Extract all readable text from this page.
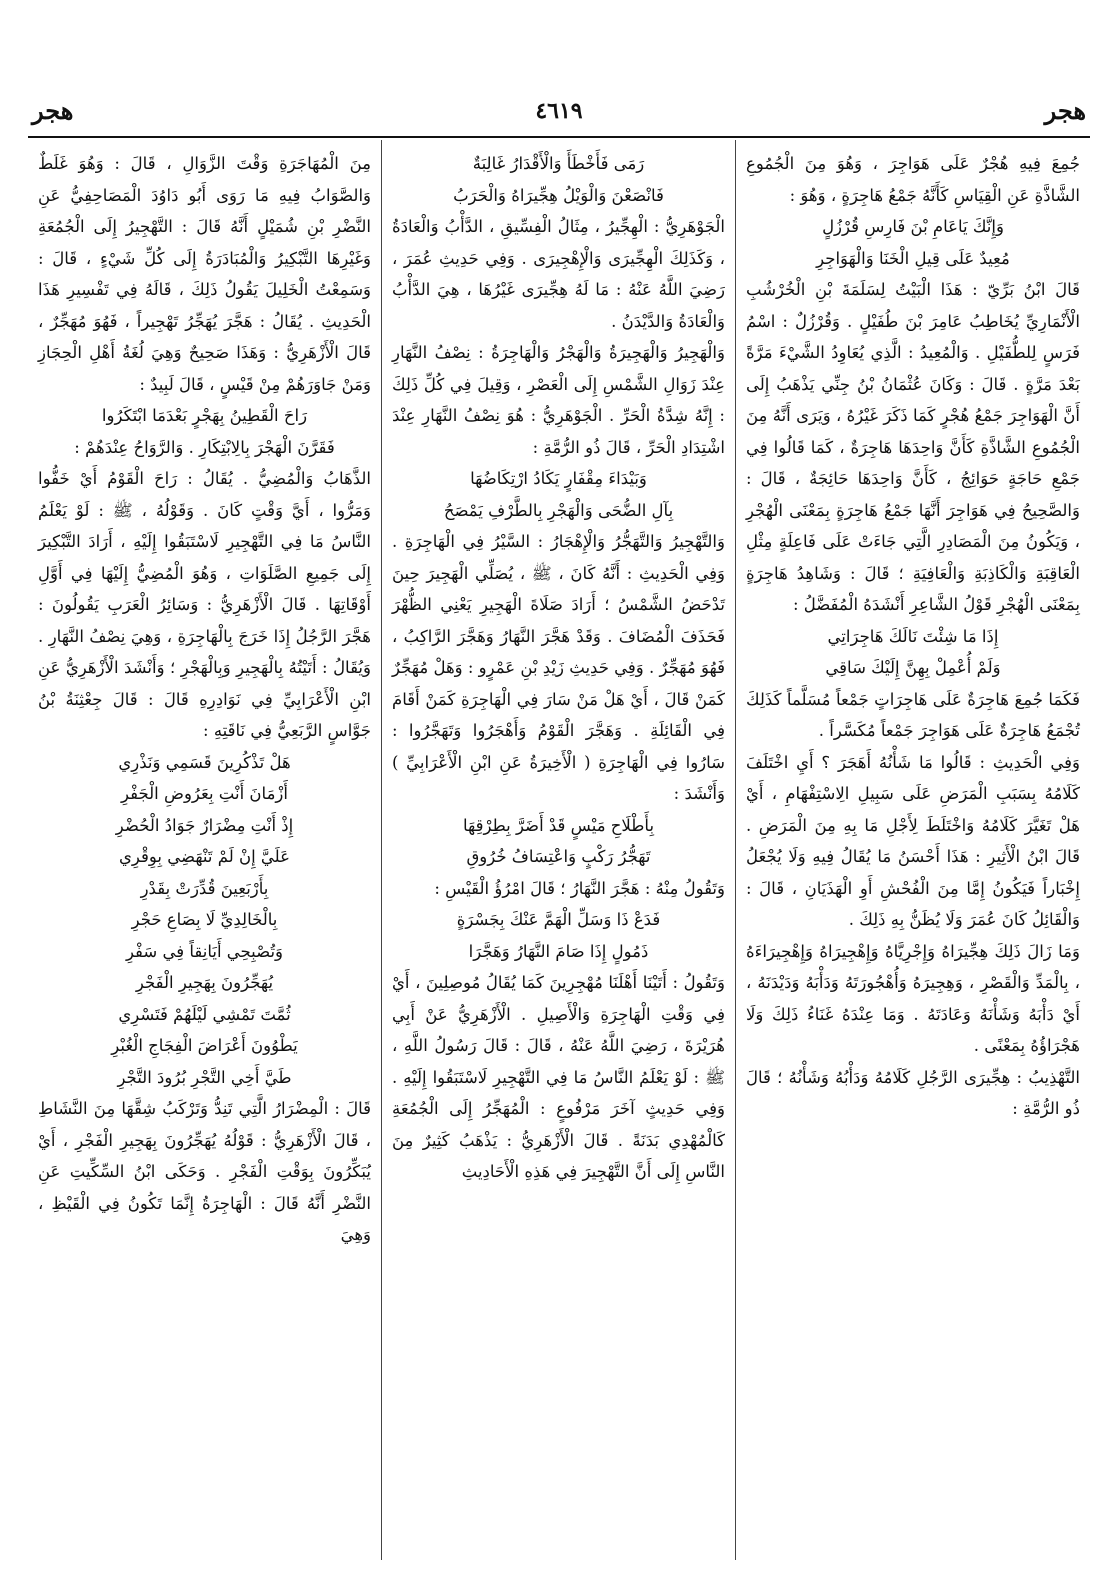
هجر
٤٦١٩
هجر

جُمِعَ فِيهِ هُجْرٌ عَلَى هَوَاجِرَ ، وَهُوَ مِنَ الْجُمُوعِ الشَّاذَّةِ عَنِ الْقِيَاسِ كَأَنَّهُ جَمْعُ هَاجِرَةٍ ، وَهُوَ :

وَإِنَّكَ يَاعَامِ بْنَ فَارِسِ قُرْزُلٍ

مُعِيدٌ عَلَى قِيلِ الْخَنَا وَالْهَوَاجِرِ

قَالَ ابْنُ بَرِّيّ : هَذَا الْبَيْتُ لِسَلَمَةَ بْنِ الْخُرْشُبِ الْأَنْمَارِيِّ يُخَاطِبُ عَامِرَ بْنَ طُفَيْلٍ . وَقُرْزُلٌ : اسْمُ فَرَسٍ لِلطُّفَيْلِ . وَالْمُعِيدُ : الَّذِي يُعَاوِدُ الشَّيْءَ مَرَّةً بَعْدَ مَرَّةٍ . قَالَ : وَكَانَ عُثْمَانُ بْنُ جِنِّي يَذْهَبُ إِلَى أَنَّ الْهَوَاجِرَ جَمْعُ هُجْرٍ كَمَا ذَكَرَ غَيْرُهُ ، وَيَرَى أَنَّهُ مِنَ الْجُمُوعِ الشَّاذَّةِ كَأَنَّ وَاحِدَهَا هَاجِرَةٌ ، كَمَا قَالُوا فِي جَمْعِ حَاجَةٍ حَوَائِجُ ، كَأَنَّ وَاحِدَهَا حَائِجَةٌ ، قَالَ : وَالصَّحِيحُ فِي هَوَاجِرَ أَنَّهَا جَمْعُ هَاجِرَةٍ بِمَعْنَى الْهُجْرِ ، وَيَكُونُ مِنَ الْمَصَادِرِ الَّتِي جَاءَتْ عَلَى فَاعِلَةٍ مِثْلِ الْعَاقِبَةِ وَالْكَاذِبَةِ وَالْعَافِيَةِ ؛ قَالَ : وَشَاهِدُ هَاجِرَةٍ بِمَعْنَى الْهُجْرِ قَوْلُ الشَّاعِرِ أَنْشَدَهُ الْمُفَضَّلُ :

إِذَا مَا شِئْتَ نَالَكَ هَاجِرَاتِي

وَلَمْ أُعْمِلْ بِهِنَّ إِلَيْكَ سَاقِي

فَكَمَا جُمِعَ هَاجِرَةٌ عَلَى هَاجِرَاتٍ جَمْعاً مُسَلَّماً كَذَلِكَ تُجْمَعُ هَاجِرَةٌ عَلَى هَوَاجِرَ جَمْعاً مُكَسَّراً .

وَفِي الْحَدِيثِ : قَالُوا مَا شَأْنُهُ أَهَجَرَ ؟ أَيِ اخْتَلَفَ كَلَامُهُ بِسَبَبِ الْمَرَضِ عَلَى سَبِيلِ الِاسْتِفْهَامِ ، أَيْ هَلْ تَغَيَّرَ كَلَامُهُ وَاخْتَلَطَ لِأَجْلِ مَا بِهِ مِنَ الْمَرَضِ . قَالَ ابْنُ الْأَثِيرِ : هَذَا أَحْسَنُ مَا يُقَالُ فِيهِ وَلَا يُجْعَلُ إِخْبَاراً فَيَكُونُ إِمَّا مِنَ الْفُحْشِ أَوِ الْهَذَيَانِ ، قَالَ : وَالْقَائِلُ كَانَ عُمَرَ وَلَا يُظَنُّ بِهِ ذَلِكَ .

وَمَا زَالَ ذَلِكَ هِجِّيرَاهُ وَإِجْرِيَّاهُ وَإِهْجِيرَاهُ وَإِهْجِيرَاءَهُ ، بِالْمَدِّ وَالْقَصْرِ ، وَهِجِيرَهُ وَأُهْجُورَتَهُ وَدَأْبَهُ وَدَيْدَنَهُ ، أَيْ دَأْبَهُ وَشَأْنَهُ وَعَادَتَهُ . وَمَا عِنْدَهُ غَنَاءُ ذَلِكَ وَلَا هَجْرَاؤُهُ بِمَعْنًى .

التَّهْذِيبُ : هِجِّيرَى الرَّجُلِ كَلَامُهُ وَدَأْبُهُ وَشَأْنُهُ ؛ قَالَ ذُو الرُّمَّةِ :

رَمَى فَأَخْطَأَ وَالْأَقْدَارُ غَالِبَةٌ

فَانْصَعْنَ وَالْوَيْلُ هِجِّيرَاهُ وَالْحَرَبُ

الْجَوْهَرِيُّ : الْهِجِّيرُ ، مِثَالُ الْفِسِّيقِ ، الدَّأْبُ وَالْعَادَةُ ، وَكَذَلِكَ الْهِجِّيرَى وَالْإِهْجِيرَى . وَفِي حَدِيثِ عُمَرَ ، رَضِيَ اللَّهُ عَنْهُ : مَا لَهُ هِجِّيرَى غَيْرُهَا ، هِيَ الدَّأْبُ وَالْعَادَةُ وَالدَّيْدَنُ .

وَالْهَجِيرُ وَالْهَجِيرَةُ وَالْهَجْرُ وَالْهَاجِرَةُ : نِصْفُ النَّهَارِ عِنْدَ زَوَالِ الشَّمْسِ إِلَى الْعَصْرِ ، وَقِيلَ فِي كُلِّ ذَلِكَ : إِنَّهُ شِدَّةُ الْحَرِّ . الْجَوْهَرِيُّ : هُوَ نِصْفُ النَّهَارِ عِنْدَ اشْتِدَادِ الْحَرِّ ، قَالَ ذُو الرُّمَّةِ :

وَبَيْدَاءَ مِقْفَارٍ يَكَادُ ارْتِكَاضُهَا

بِآلِ الضُّحَى وَالْهَجْرِ بِالطَّرْفِ يَمْصَحُ

وَالتَّهْجِيرُ وَالتَّهَجُّرُ وَالْإِهْجَارُ : السَّيْرُ فِي الْهَاجِرَةِ . وَفِي الْحَدِيثِ : أَنَّهُ كَانَ ، ﷺ ، يُصَلِّي الْهَجِيرَ حِينَ تَدْحَضُ الشَّمْسُ ؛ أَرَادَ صَلَاةَ الْهَجِيرِ يَعْنِي الظُّهْرَ فَحَذَفَ الْمُضَافَ . وَقَدْ هَجَّرَ النَّهَارُ وَهَجَّرَ الرَّاكِبُ ، فَهُوَ مُهَجِّرٌ . وَفِي حَدِيثِ زَيْدِ بْنِ عَمْرٍو : وَهَلْ مُهَجِّرٌ كَمَنْ قَالَ ، أَيْ هَلْ مَنْ سَارَ فِي الْهَاجِرَةِ كَمَنْ أَقَامَ فِي الْقَائِلَةِ . وَهَجَّرَ الْقَوْمُ وَأَهْجَرُوا وَتَهَجَّرُوا : سَارُوا فِي الْهَاجِرَةِ ( الْأَخِيرَةُ عَنِ ابْنِ الْأَعْرَابِيِّ ) وَأَنْشَدَ :

بِأَطْلَاحِ مَيْسٍ قَدْ أَضَرَّ بِطِرْقِهَا

تَهَجُّرُ رَكْبٍ وَاعْتِسَافُ خُرُوقِ

وَتَقُولُ مِنْهُ : هَجَّرَ النَّهَارُ ؛ قَالَ امْرُؤُ الْقَيْسِ :

فَدَعْ ذَا وَسَلِّ الْهَمَّ عَنْكَ بِجَسْرَةٍ

ذَمُولٍ إِذَا صَامَ النَّهَارُ وَهَجَّرَا

وَتَقُولُ : أَتَيْنَا أَهْلَنَا مُهْجِرِينَ كَمَا يُقَالُ مُوصِلِينَ ، أَيْ فِي وَقْتِ الْهَاجِرَةِ وَالْأَصِيلِ . الْأَزْهَرِيُّ عَنْ أَبِي هُرَيْرَةَ ، رَضِيَ اللَّهُ عَنْهُ ، قَالَ : قَالَ رَسُولُ اللَّهِ ، ﷺ : لَوْ يَعْلَمُ النَّاسُ مَا فِي التَّهْجِيرِ لَاسْتَبَقُوا إِلَيْهِ . وَفِي حَدِيثٍ آخَرَ مَرْفُوعٍ : الْمُهَجِّرُ إِلَى الْجُمُعَةِ كَالْمُهْدِي بَدَنَةً . قَالَ الْأَزْهَرِيُّ : يَذْهَبُ كَثِيرٌ مِنَ النَّاسِ إِلَى أَنَّ التَّهْجِيرَ فِي هَذِهِ الْأَحَادِيثِ

مِنَ الْمُهَاجَرَةِ وَقْتَ الزَّوَالِ ، قَالَ : وَهُوَ غَلَطٌ وَالصَّوَابُ فِيهِ مَا رَوَى أَبُو دَاوُدَ الْمَصَاحِفِيُّ عَنِ النَّضْرِ بْنِ شُمَيْلٍ أَنَّهُ قَالَ : التَّهْجِيرُ إِلَى الْجُمُعَةِ وَغَيْرِهَا التَّبْكِيرُ وَالْمُبَادَرَةُ إِلَى كُلِّ شَيْءٍ ، قَالَ : وَسَمِعْتُ الْخَلِيلَ يَقُولُ ذَلِكَ ، قَالَهُ فِي تَفْسِيرِ هَذَا الْحَدِيثِ . يُقَالُ : هَجَّرَ يُهَجِّرُ تَهْجِيراً ، فَهُوَ مُهَجِّرٌ ، قَالَ الْأَزْهَرِيُّ : وَهَذَا صَحِيحٌ وَهِيَ لُغَةُ أَهْلِ الْحِجَازِ وَمَنْ جَاوَرَهُمْ مِنْ قَيْسٍ ، قَالَ لَبِيدٌ :

رَاحَ الْقَطِينُ بِهَجْرٍ بَعْدَمَا ابْتَكَرُوا

فَقَرَّنَ الْهَجْرَ بِالِابْتِكَارِ . وَالرَّوَاحُ عِنْدَهُمْ :

الذَّهَابُ وَالْمُضِيُّ . يُقَالُ : رَاحَ الْقَوْمُ أَيْ خَفُّوا وَمَرُّوا ، أَيَّ وَقْتٍ كَانَ . وَقَوْلُهُ ، ﷺ : لَوْ يَعْلَمُ النَّاسُ مَا فِي التَّهْجِيرِ لَاسْتَبَقُوا إِلَيْهِ ، أَرَادَ التَّبْكِيرَ إِلَى جَمِيعِ الصَّلَوَاتِ ، وَهُوَ الْمُضِيُّ إِلَيْهَا فِي أَوَّلِ أَوْقَاتِهَا . قَالَ الْأَزْهَرِيُّ : وَسَائِرُ الْعَرَبِ يَقُولُونَ : هَجَّرَ الرَّجُلُ إِذَا خَرَجَ بِالْهَاجِرَةِ ، وَهِيَ نِصْفُ النَّهَارِ . وَيُقَالُ : أَتَيْتُهُ بِالْهَجِيرِ وَبِالْهَجْرِ ؛ وَأَنْشَدَ الْأَزْهَرِيُّ عَنِ ابْنِ الْأَعْرَابِيِّ فِي نَوَادِرِهِ قَالَ : قَالَ جِعْثِنَةُ بْنُ جَوَّاسٍ الرَّبَعِيُّ فِي نَاقَتِهِ :

هَلْ تَذْكُرِينَ قَسَمِي وَنَذْرِي

أَزْمَانَ أَنْتِ بِعَرُوضِ الْجَفْرِ

إِذْ أَنْتِ مِضْرَارٌ جَوَادُ الْحُضْرِ

عَلَيَّ إِنْ لَمْ تَنْهَضِي بِوِقْرِي

بِأَرْبَعِينَ قُدِّرَتْ بِقَدْرِ

بِالْخَالِدِيِّ لَا بِصَاعِ حَجْرِ

وَتُصْبِحِي أَيَانِقاً فِي سَفْرِ

يُهَجِّرُونَ بِهَجِيرِ الْفَجْرِ

ثُمَّتَ تَمْشِي لَيْلَهُمْ فَتَسْرِي

يَطْوُونَ أَعْرَاضَ الْفِجَاجِ الْغُبْرِ

طَيَّ أَخِي التَّجْرِ بُرُودَ التَّجْرِ

قَالَ : الْمِضْرَارُ الَّتِي تَنِدُّ وَتَرْكَبُ شِقَّهَا مِنَ النَّشَاطِ ، قَالَ الْأَزْهَرِيُّ : قَوْلُهُ يُهَجِّرُونَ بِهَجِيرِ الْفَجْرِ ، أَيْ يُبَكِّرُونَ بِوَقْتِ الْفَجْرِ . وَحَكَى ابْنُ السِّكِّيتِ عَنِ النَّضْرِ أَنَّهُ قَالَ : الْهَاجِرَةُ إِنَّمَا تَكُونُ فِي الْقَيْظِ ، وَهِيَ
